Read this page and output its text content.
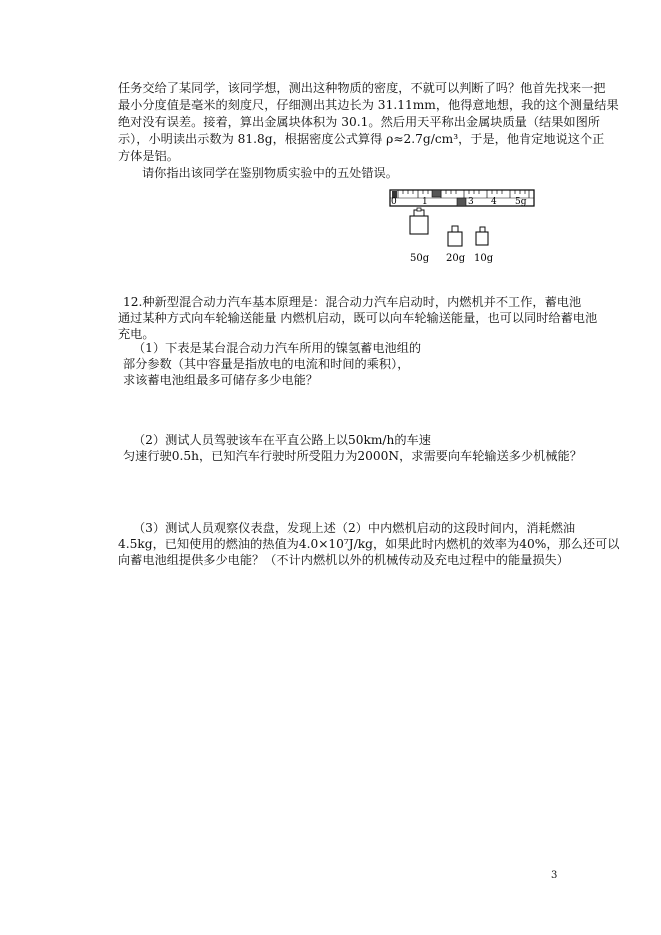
任务交给了某同学，该同学想，测出这种物质的密度，不就可以判断了吗？他首先找来一把
最小分度值是毫米的刻度尺，仔细测出其边长为 31.11mm，他得意地想，我的这个测量结果
绝对没有误差。接着，算出金属块体积为 30.1。然后用天平称出金属块质量（结果如图所
示），小明读出示数为 81.8g，根据密度公式算得 ρ≈2.7g/cm³，于是，他肯定地说这个正
方体是铝。
请你指出该同学在鉴别物质实验中的五处错误。
0	1	3 4 5g
50g 20g 10g
12.种新型混合动力汽车基本原理是：混合动力汽车启动时，内燃机并不工作，蓄电池
通过某种方式向车轮输送能量 内燃机启动，既可以向车轮输送能量，也可以同时给蓄电池
充电。
（1）下表是某台混合动力汽车所用的镍氢蓄电池组的
部分参数（其中容量是指放电的电流和时间的乘积），
求该蓄电池组最多可储存多少电能？
（2）测试人员驾驶该车在平直公路上以50km/h的车速
匀速行驶0.5h，已知汽车行驶时所受阻力为2000N，求需要向车轮输送多少机械能？
（3）测试人员观察仪表盘，发现上述（2）中内燃机启动的这段时间内，消耗燃油
4.5kg，已知使用的燃油的热值为4.0×10⁷J/kg，如果此时内燃机的效率为40%，那么还可以
向蓄电池组提供多少电能？（不计内燃机以外的机械传动及充电过程中的能量损失）
3
